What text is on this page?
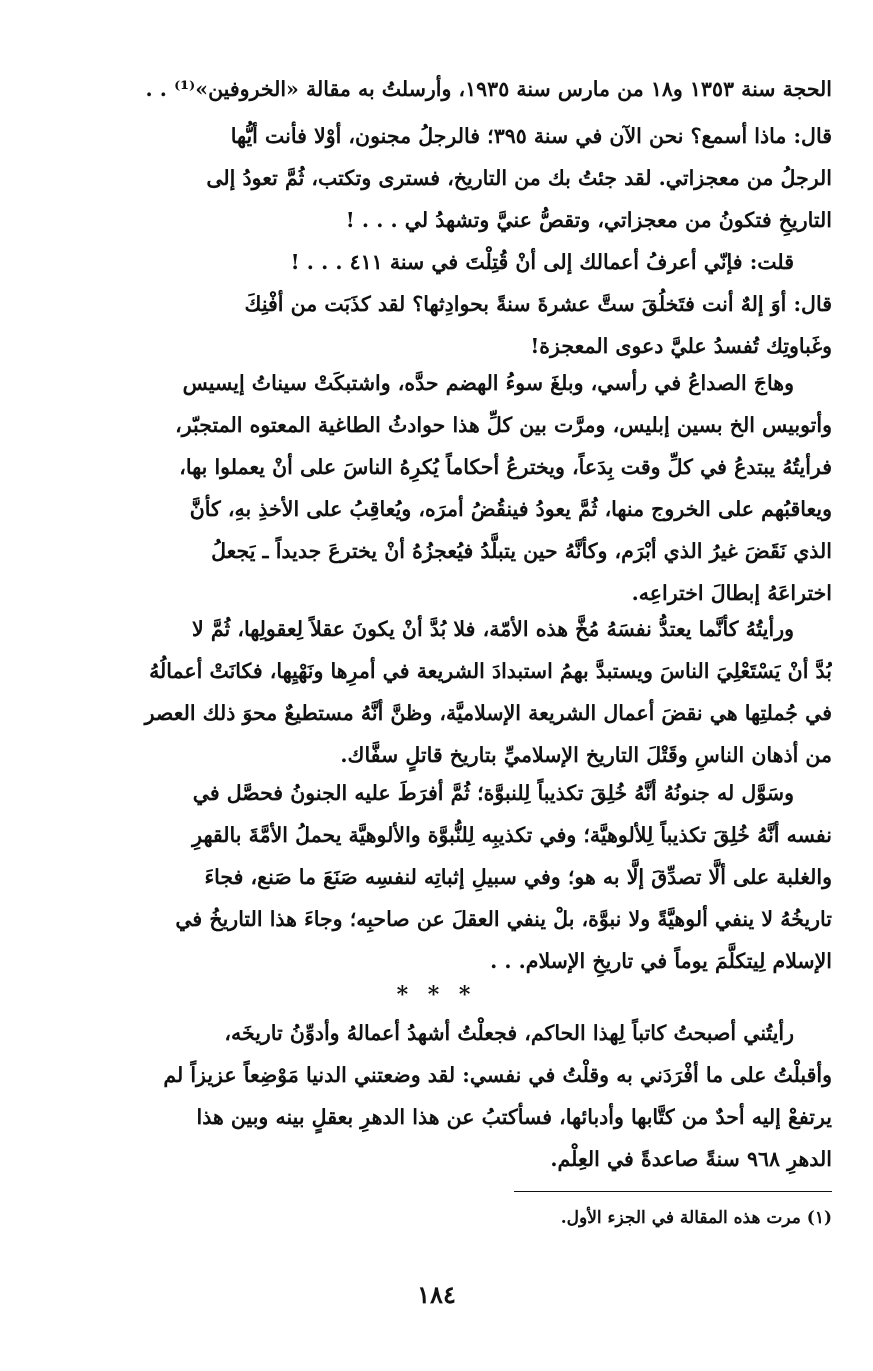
الحجة سنة ١٣٥٣ و١٨ من مارس سنة ١٩٣٥، وأرسلتُ به مقالة «الخروفين»⁽¹⁾ . .
قال: ماذا أسمع؟ نحن الآن في سنة ٣٩٥؛ فالرجلُ مجنون، أوْلا فأنت أيُّها
الرجلُ من معجزاتي. لقد جئتُ بك من التاريخ، فسترى وتكتب، ثُمَّ تعودُ إلى
التاريخِ فتكونُ من معجزاتي، وتقصُّ عنيَّ وتشهدُ لي . . . !
قلت: فإنّي أعرفُ أعمالك إلى أنْ قُتِلْتَ في سنة ٤١١ . . . !
قال: أوَ إلهٌ أنت فتَخلُقَ ستَّ عشرةَ سنةً بحوادِثها؟ لقد كذَبَت من أفْنِكَ
وغَباوتِك تُفسدُ عليَّ دعوى المعجزة!
وهاجَ الصداعُ في رأسي، وبلغَ سوءُ الهضم حدَّه، واشتبكَتْ سيناتُ إيسيس
وأتوبيس الخ بسين إبليس، ومرَّت بين كلِّ هذا حوادثُ الطاغية المعتوه المتجبّر،
فرأيتُهُ يبتدعُ في كلِّ وقت بِدَعاً، ويخترعُ أحكاماً يُكرِهُ الناسَ على أنْ يعملوا بها،
ويعاقبُهم على الخروج منها، ثُمَّ يعودُ فينقُضُ أمرَه، ويُعاقِبُ على الأخذِ بهِ، كأنَّ
الذي نَقَضَ غيرُ الذي أبْرَم، وكأنَّهُ حين يتبلَّدُ فيُعجزُهُ أنْ يخترعَ جديداً ـ يَجعلُ
اختراعَهُ إبطالَ اختراعِه.
ورأيتُهُ كأنَّما يعتدُّ نفسَهُ مُخَّ هذه الأمّة، فلا بُدَّ أنْ يكونَ عقلاً لِعقولِها، ثُمَّ لا
بُدَّ أنْ يَسْتَعْلِيَ الناسَ ويستبدَّ بهمُ استبدادَ الشريعة في أمرِها ونَهْيِها، فكانَتْ أعمالُهُ
في جُملتِها هي نقضَ أعمال الشريعة الإسلاميَّة، وظنَّ أنَّهُ مستطيعٌ محوَ ذلك العصر
من أذهان الناسِ وقَتْلَ التاريخ الإسلاميِّ بتاريخ قاتلٍ سفَّاك.
وسَوَّل له جنونُهُ أنَّهُ خُلِقَ تكذيباً لِلنبوَّة؛ ثُمَّ أفرَطَ عليه الجنونُ فحصَّل في
نفسه أنَّهُ خُلِقَ تكذيباً لِلألوهيَّة؛ وفي تكذيبِه لِلنُّبوَّة والألوهيَّة يحملُ الأمَّةَ بالقهرِ
والغلبة على ألَّا تصدِّقَ إلَّا به هو؛ وفي سبيلِ إثباتِه لنفسِه صَنَعَ ما صَنع، فجاءَ
تاريخُهُ لا ينفي ألوهيَّةً ولا نبوَّة، بلْ ينفي العقلَ عن صاحبِه؛ وجاءَ هذا التاريخُ في
الإسلام لِيتكلَّمَ يوماً في تاريخِ الإسلام. . .
* * *
رأيتُني أصبحتُ كاتباً لِهذا الحاكم، فجعلْتُ أشهدُ أعمالهُ وأدوِّنُ تاريخَه،
وأقبلْتُ على ما أفْرَدَني به وقلْتُ في نفسي: لقد وضعتني الدنيا مَوْضِعاً عزيزاً لم
يرتفعْ إليه أحدٌ من كتَّابها وأدبائها، فسأكتبُ عن هذا الدهرِ بعقلٍ بينه وبين هذا
الدهرِ ٩٦٨ سنةً صاعدةً في العِلْم.
(١) مرت هذه المقالة في الجزء الأول.
١٨٤
